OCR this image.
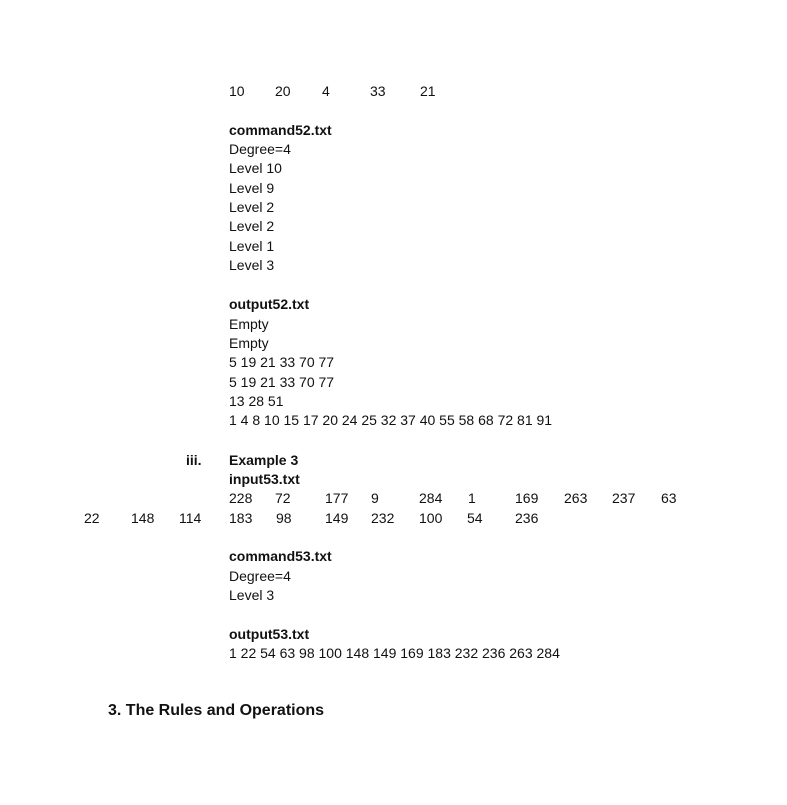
10 20 4	33 21
command52.txt
Degree=4
Level 10
Level 9
Level 2
Level 2
Level 1
Level 3
output52.txt
Empty
Empty
5 19 21 33 70 77
5 19 21 33 70 77
13 28 51
1 4 8 10 15 17 20 24 25 32 37 40 55 58 68 72 81 91
iii. Example 3
input53.txt
228 72 177 9	284 1	169 263 237 63
22 148 114 183 98 149 232 100 54 236
command53.txt
Degree=4
Level 3
output53.txt
1 22 54 63 98 100 148 149 169 183 232 236 263 284
3. The Rules and Operations
